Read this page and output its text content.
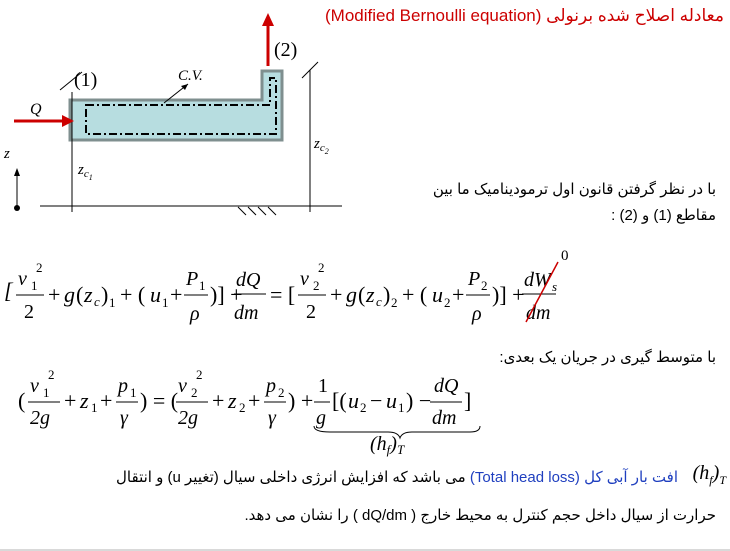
معادله اصلاح شده برنولی (Modified Bernoulli equation)
(1)
(2)
C.V.
Q
z
$z_{c1}$
$z_{c2}$
با در نظر گرفتن قانون اول ترمودینامیک ما بین
مقاطع (1) و (2) :
[ v 1
2
2
+ g ( z c ) 1 + ( u 1 +
P 1
ρ
)] +
dQ
dm
= [
v 2
2
2
+ g ( z c ) 2 + ( u 2 +
P 2
ρ
)] +
dW s
dm
0
با متوسط گیری در جریان یک بعدی:
(
v 1
2
2g
+ z 1 +
p 1
γ
) = (
v 2
2
2g
+ z 2 +
p 2
γ
) +
1
g
[( u 2 − u 1 ) −
dQ
dm
]
$(h_f)_T$
افت بار آبی کل (Total head loss) می باشد که افزایش انرژی داخلی سیال (تغییر u) و انتقال	$(h_f)_T$
حرارت از سیال داخل حجم کنترل به محیط خارج ( dQ/dm ) را نشان می دهد.
